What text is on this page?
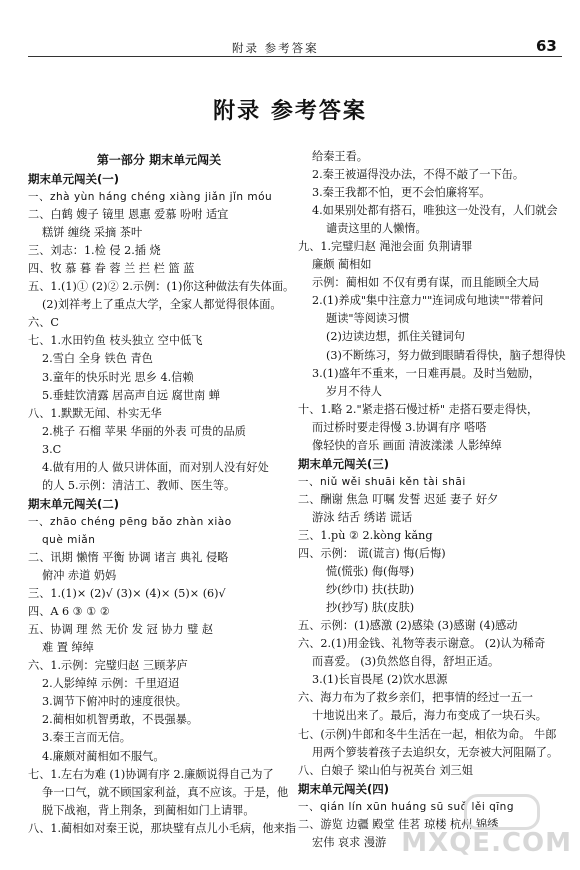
附录 参考答案	63
附录 参考答案
第一部分 期末单元闯关
期末单元闯关(一)
一、zhà yùn háng chéng xiàng jiǎn jǐn móu
二、白鹤 嫂子 镜里 恩惠 爱慕 吩咐 适宜
糕饼 缠绕 采摘 茶叶
三、刘志：1.检 侵 2.插 烧
四、牧 慕 暮 眷 蓉 兰 拦 栏 篮 蓝
五、1.(1)① (2)② 2.示例：(1)你这种做法有失体面。
(2)刘祥考上了重点大学，全家人都觉得很体面。
六、C
七、1.水田钓鱼 枝头独立 空中低飞
2.雪白 全身 铁色 青色
3.童年的快乐时光 思乡 4.信赖
5.垂蛙饮清露 居高声自远 腐世南 蝉
八、1.默默无闻、朴实无华
2.桃子 石榴 苹果 华丽的外表 可贵的品质
3.C
4.做有用的人 做只讲体面，而对别人没有好处
的人 5.示例：清洁工、教师、医生等。
期末单元闯关(二)
一、zhāo chéng pēng bǎo zhàn xiào
què miǎn
二、讯期 懒惰 平衡 协调 诸言 典礼 侵略
俯冲 赤道 奶妈
三、1.(1)× (2)√ (3)× (4)× (5)× (6)√
四、A 6 ③ ① ②
五、协调 理 然 无价 发 冠 协力 璧 赵
难 置 绰绰
六、1.示例：完璧归赵 三顾茅庐
2.人影绰绰 示例：千里迢迢
3.调节下俯冲时的速度很快。
2.蔺相如机智勇敢，不畏强暴。
3.秦王言而无信。
4.廉颇对蔺相如不服气。
七、1.左右为难 (1)协调有序 2.廉颇说得自己为了
争一口气，就不顾国家利益，真不应该。于是，他
脱下战袍，背上荆条，到蔺相如门上请罪。
八、1.蔺相如对秦王说，那块璧有点儿小毛病，他来指
给秦王看。
2.秦王被逼得没办法，不得不敲了一下缶。
3.秦王我都不怕，更不会怕廉将军。
4.如果别处都有搭石，唯独这一处没有，人们就会
谴责这里的人懒惰。
九、1.完璧归赵 渑池会面 负荆请罪
廉颇 蔺相如
示例：蔺相如 不仅有勇有谋，而且能顾全大局
2.(1)养成"集中注意力""连词成句地读""带着问
题读"等阅读习惯
(2)边读边想，抓住关键词句
(3)不断练习，努力做到眼睛看得快，脑子想得快
3.(1)盛年不重来，一日难再晨。及时当勉励，
岁月不待人
十、1.略 2."紧走搭石慢过桥" 走搭石要走得快，
而过桥时要走得慢 3.协调有序 嗒嗒
像轻快的音乐 画面 清波漾漾 人影绰绰
期末单元闯关(三)
一、niǔ wěi shuāi kěn tài shāi
二、酬谢 焦急 叮嘱 发誓 迟延 妻子 好夕
游泳 结舌 绣诺 谎话
三、1.pù ② 2.kòng kǎng
四、示例： 谎(谎言) 悔(后悔)
慌(慌张) 侮(侮辱)
纱(纱巾) 扶(扶助)
抄(抄写) 肤(皮肤)
五、示例：(1)感激 (2)感染 (3)感谢 (4)感动
六、2.(1)用金钱、礼物等表示谢意。 (2)认为稀奇
而喜爱。 (3)负然悠自得，舒坦正适。
3.(1)长盲畏尾 (2)饮水思源
六、海力布为了救乡亲们，把事情的经过一五一
十地说出来了。最后，海力布变成了一块石头。
七、(示例)牛郎和冬牛生活在一起，相依为命。 牛郎
用两个箩装着孩子去追织女，无奈被大河阻隔了。
八、白娘子 梁山伯与祝英台 刘三姐
期末单元闯关(四)
一、qián lín xūn huáng sū suǒ lěi qīng
二、游览 边疆 殿堂 佳茗 琼楼 杭州 锦绣
宏伟 哀求 漫游 MXQE.COM
